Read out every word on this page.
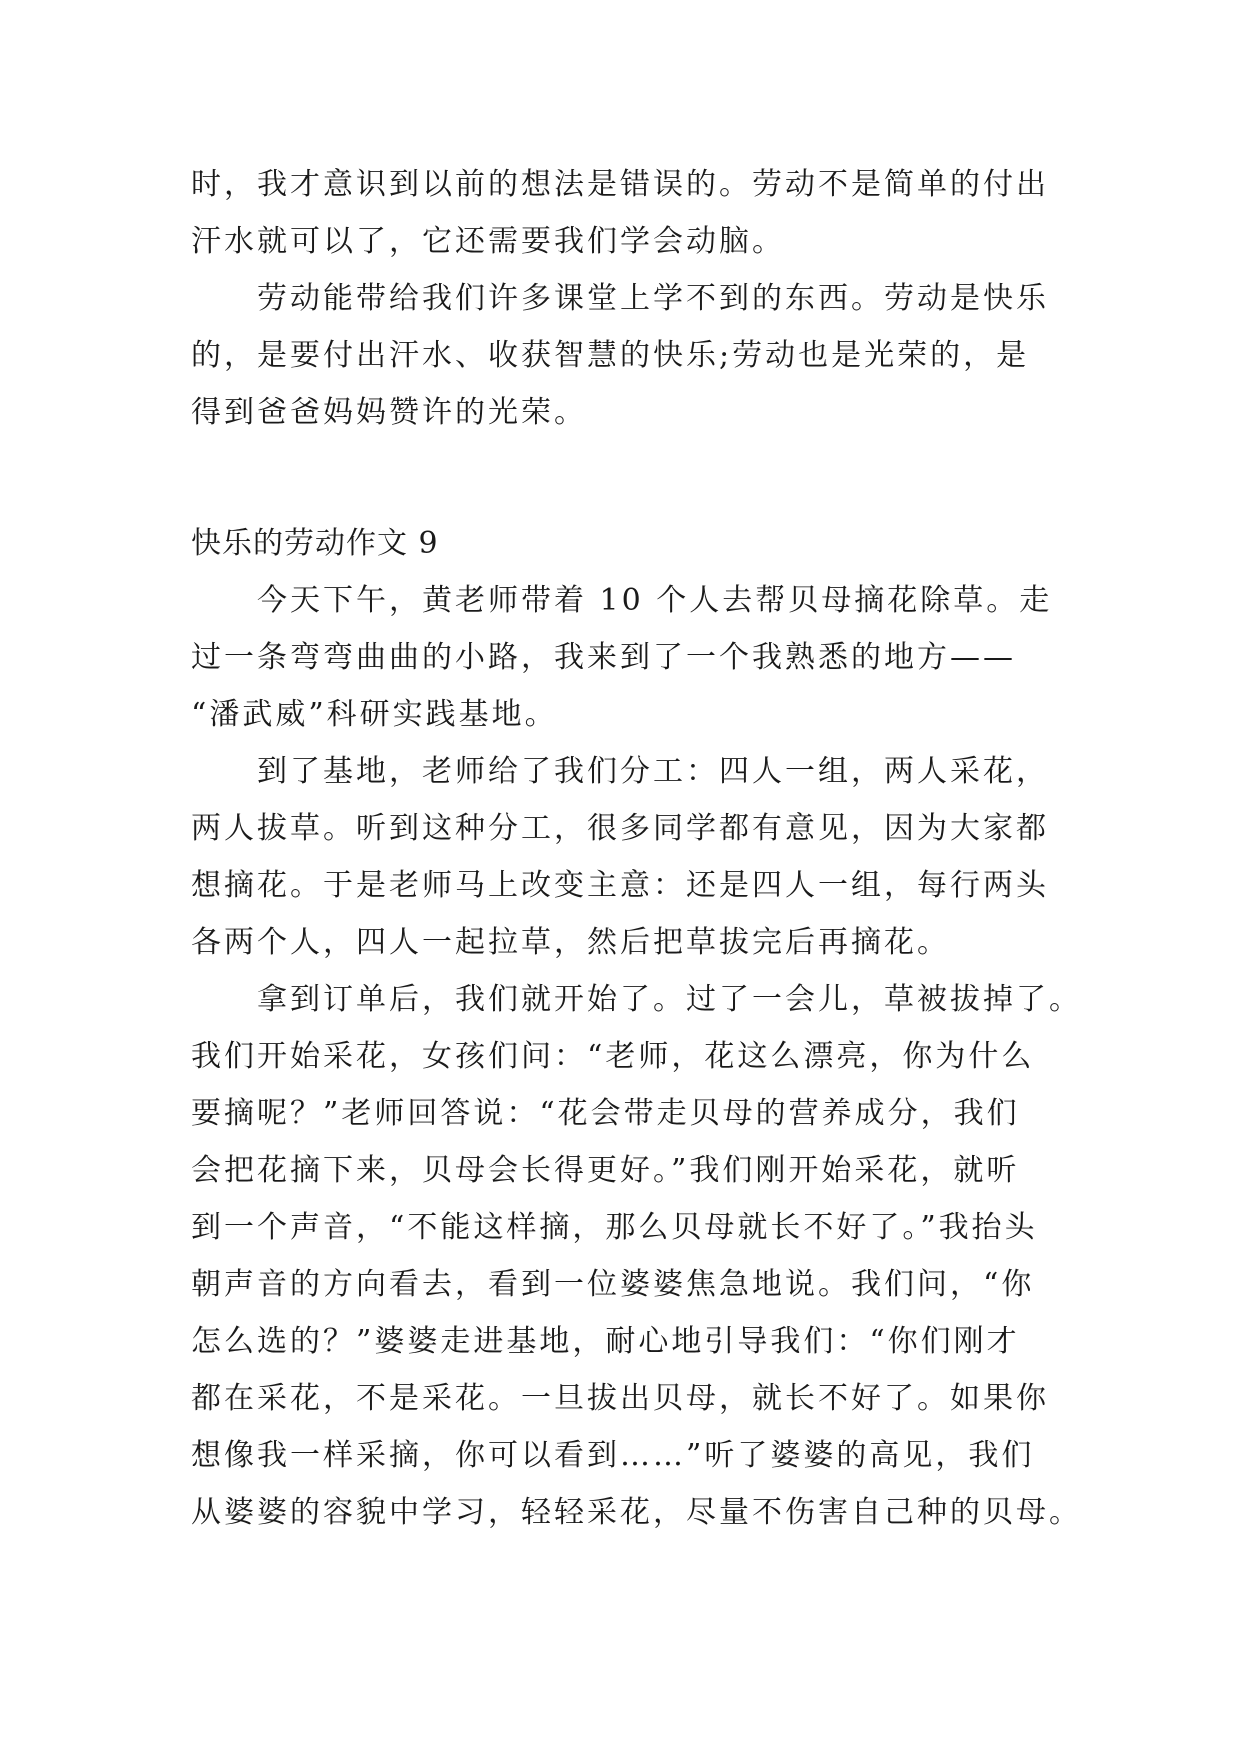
时，我才意识到以前的想法是错误的。劳动不是简单的付出
汗水就可以了，它还需要我们学会动脑。
劳动能带给我们许多课堂上学不到的东西。劳动是快乐
的，是要付出汗水、收获智慧的快乐;劳动也是光荣的，是
得到爸爸妈妈赞许的光荣。
快乐的劳动作文 9
今天下午，黄老师带着 10 个人去帮贝母摘花除草。走
过一条弯弯曲曲的小路，我来到了一个我熟悉的地方——
“潘武威”科研实践基地。
到了基地，老师给了我们分工：四人一组，两人采花，
两人拔草。听到这种分工，很多同学都有意见，因为大家都
想摘花。于是老师马上改变主意：还是四人一组，每行两头
各两个人，四人一起拉草，然后把草拔完后再摘花。
拿到订单后，我们就开始了。过了一会儿，草被拔掉了。
我们开始采花，女孩们问：“老师，花这么漂亮，你为什么
要摘呢？”老师回答说：“花会带走贝母的营养成分，我们
会把花摘下来，贝母会长得更好。”我们刚开始采花，就听
到一个声音，“不能这样摘，那么贝母就长不好了。”我抬头
朝声音的方向看去，看到一位婆婆焦急地说。我们问，“你
怎么选的？”婆婆走进基地，耐心地引导我们：“你们刚才
都在采花，不是采花。一旦拔出贝母，就长不好了。如果你
想像我一样采摘，你可以看到……”听了婆婆的高见，我们
从婆婆的容貌中学习，轻轻采花，尽量不伤害自己种的贝母。
